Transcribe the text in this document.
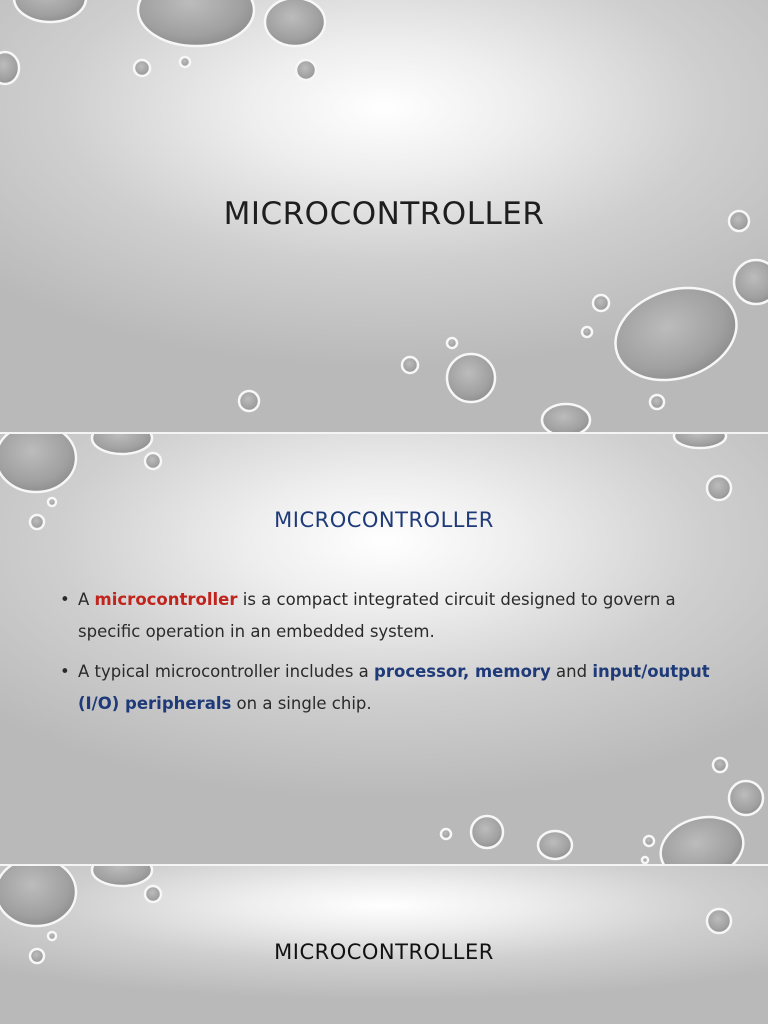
MICROCONTROLLER
MICROCONTROLLER
• A microcontroller is a compact integrated circuit designed to govern a specific operation in an embedded system.
• A typical microcontroller includes a processor, memory and input/output (I/O) peripherals on a single chip.
MICROCONTROLLER
